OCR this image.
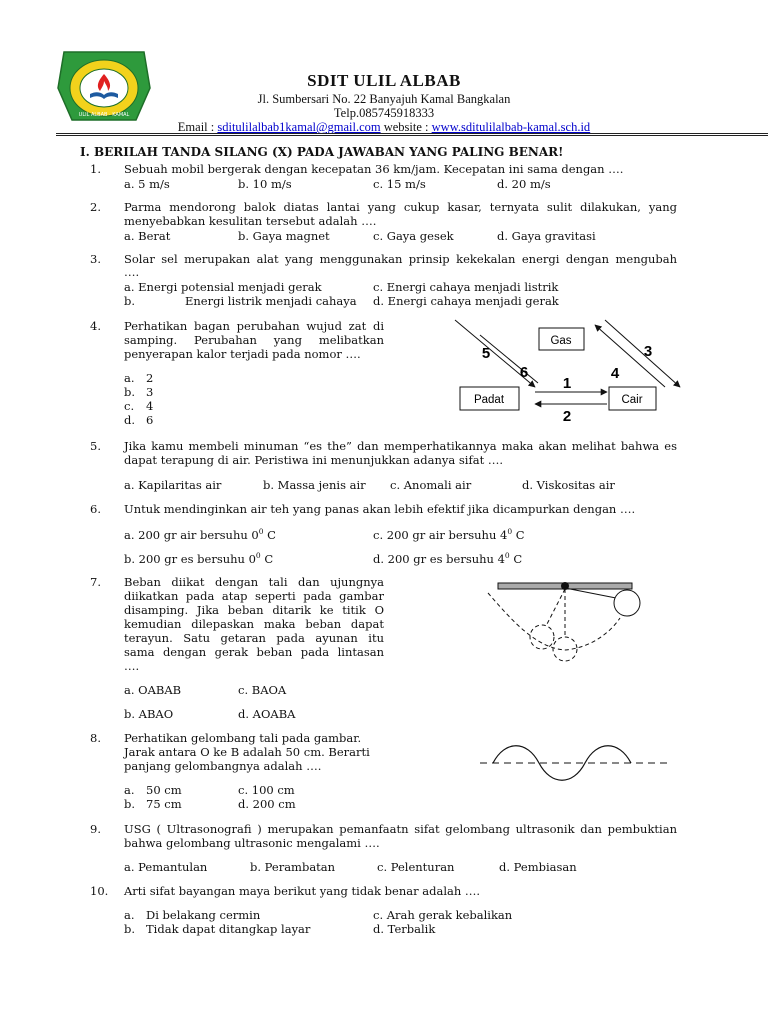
ULIL ALBAB · KAMAL
SDIT ULIL ALBAB
Jl. Sumbersari No. 22 Banyajuh Kamal Bangkalan
Telp.085745918333
Email : sditulilalbab1kamal@gmail.com website : www.sditulilalbab-kamal.sch.id
I. BERILAH TANDA SILANG (X) PADA JAWABAN YANG PALING BENAR!
1. Sebuah mobil bergerak dengan kecepatan 36 km/jam. Kecepatan ini sama dengan ….
a. 5 m/s	b. 10 m/s	c. 15 m/s	d. 20 m/s
2. Parma mendorong balok diatas lantai yang cukup kasar, ternyata sulit dilakukan, yang
menyebabkan kesulitan tersebut adalah ….
a. Berat	b. Gaya magnet	c. Gaya gesek	d. Gaya gravitasi
3. Solar sel merupakan alat yang menggunakan prinsip kekekalan energi dengan mengubah
….
a. Energi potensial menjadi gerak	c. Energi cahaya menjadi listrik
b.	Energi listrik menjadi cahaya d. Energi cahaya menjadi gerak
4. Perhatikan bagan perubahan wujud zat di
samping. Perubahan yang melibatkan
penyerapan kalor terjadi pada nomor ….
a. 2
b. 3
c. 4
d. 6
Gas
Padat	Cair
1
2
3
4
5
6
5. Jika kamu membeli minuman “es the” dan memperhatikannya maka akan melihat bahwa es
dapat terapung di air. Peristiwa ini menunjukkan adanya sifat ….
a. Kapilaritas air	b. Massa jenis air c. Anomali air	d. Viskositas air
6. Untuk mendinginkan air teh yang panas akan lebih efektif jika dicampurkan dengan ….
a. 200 gr air bersuhu $0^0$ C	c. 200 gr air bersuhu $4^0$ C
b. 200 gr es bersuhu $0^0$ C	d. 200 gr es bersuhu $4^0$ C
7. Beban diikat dengan tali dan ujungnya
diikatkan pada atap seperti pada gambar
disamping. Jika beban ditarik ke titik O
kemudian dilepaskan maka beban dapat
terayun. Satu getaran pada ayunan itu
sama dengan gerak beban pada lintasan
….
a. OABAB	c. BAOA
b. ABAO	d. AOABA
8. Perhatikan gelombang tali pada gambar.
Jarak antara O ke B adalah 50 cm. Berarti
panjang gelombangnya adalah ….
a. 50 cm	c. 100 cm
b. 75 cm	d. 200 cm
9. USG ( Ultrasonografi ) merupakan pemanfaatn sifat gelombang ultrasonik dan pembuktian
bahwa gelombang ultrasonic mengalami ….
a. Pemantulan	b. Perambatan	c. Pelenturan	d. Pembiasan
10. Arti sifat bayangan maya berikut yang tidak benar adalah ….
a. Di belakang cermin	c. Arah gerak kebalikan
b. Tidak dapat ditangkap layar	d. Terbalik
